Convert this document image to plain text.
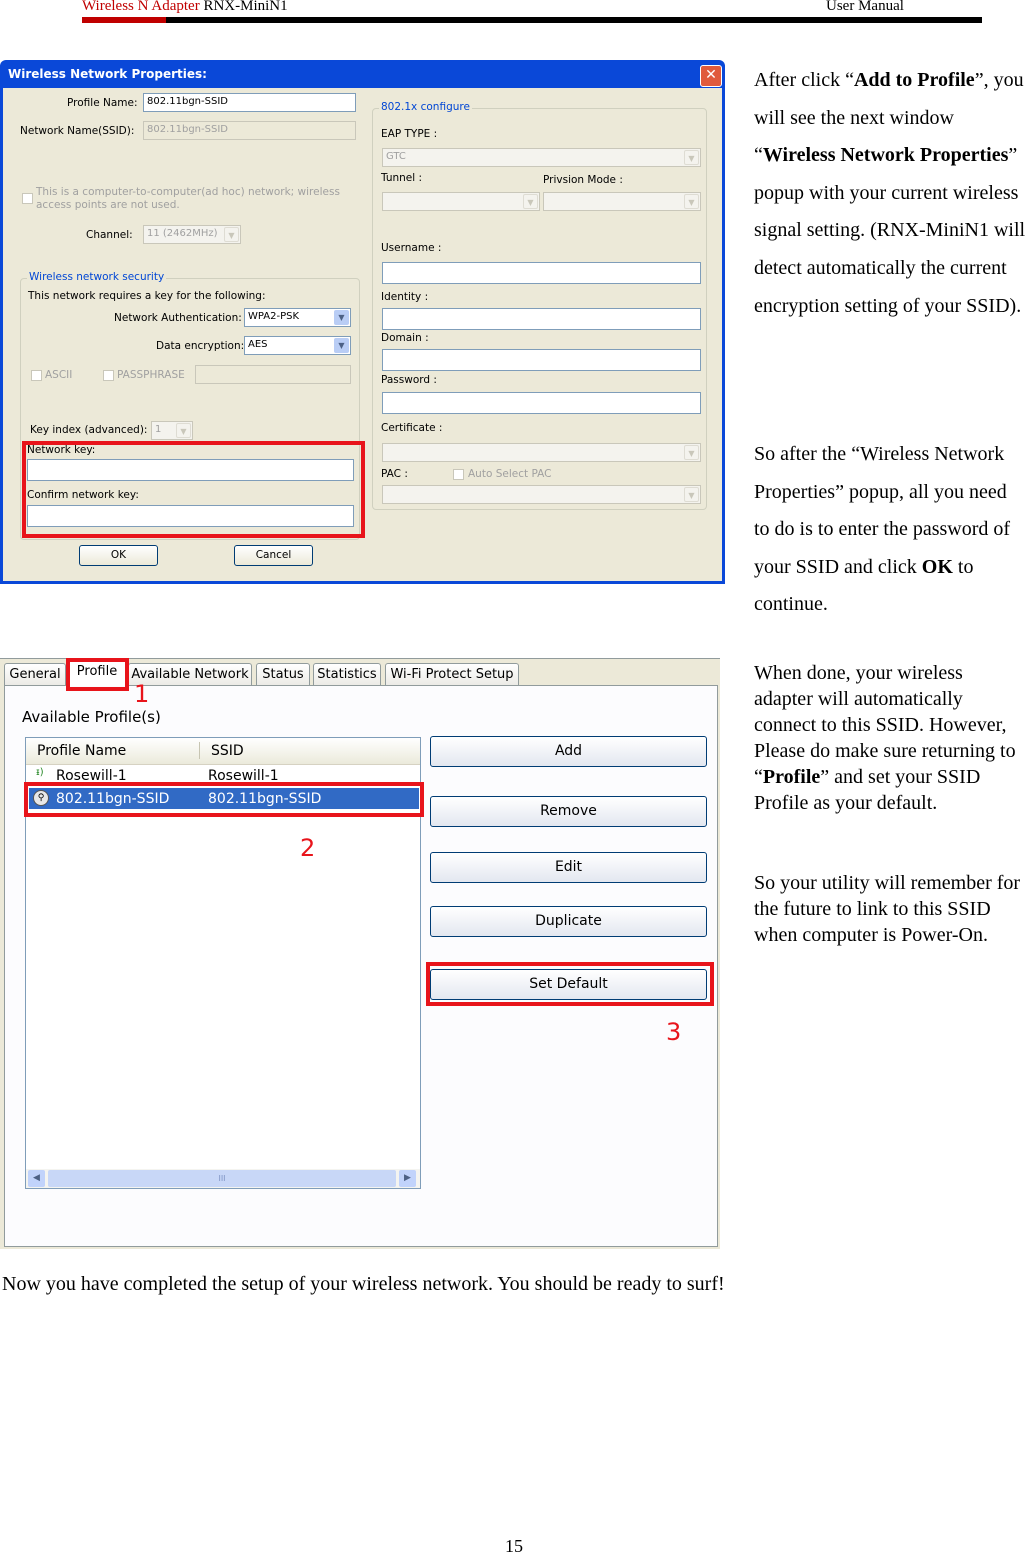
Wireless N Adapter RNX-MiniN1	User Manual
Wireless Network Properties:	✕
Profile Name: 802.11bgn-SSID
Network Name(SSID):	802.11bgn-SSID
This is a computer-to-computer(ad hoc) network; wireless access points are not used.
Channel:	11 (2462MHz)	▼
Wireless network security
This network requires a key for the following:
Network Authentication: WPA2-PSK	▼
Data encryption: AES	▼
ASCII	PASSPHRASE
Key index (advanced): 1	▼
Network key:
Confirm network key:
802.1x configure
EAP TYPE :
GTC	▼
Tunnel :	Privsion Mode :
▼	▼
Username :
Identity :
Domain :
Password :
Certificate :
▼
PAC :	Auto Select PAC
▼
OK	Cancel
General	Profile	Available Network	Status	Statistics	Wi-Fi Protect Setup
Available Profile(s)
1
Profile Name	SSID
ᵻ) Rosewill-1	Rosewill-1
⚲ 802.11bgn-SSID	802.11bgn-SSID
◀	III	▶
2
Add
Remove
Edit
Duplicate
Set Default
3
After click “Add to Profile”, you will see the next window “Wireless Network Properties” popup with your current wireless signal setting. (RNX-MiniN1 will detect automatically the current encryption setting of your SSID).
So after the “Wireless Network Properties” popup, all you need to do is to enter the password of your SSID and click OK to continue.
When done, your wireless adapter will automatically connect to this SSID. However, Please do make sure returning to “Profile” and set your SSID Profile as your default.
So your utility will remember for the future to link to this SSID when computer is Power-On.
Now you have completed the setup of your wireless network. You should be ready to surf!
15
